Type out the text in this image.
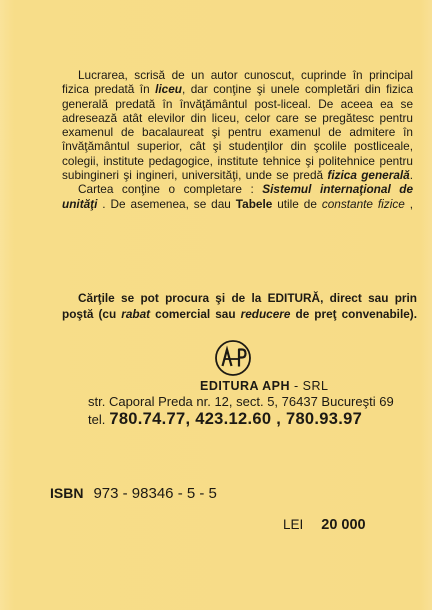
Lucrarea, scrisă de un autor cunoscut, cuprinde în principal
fizica predată în liceu, dar conţine şi unele completări din fizica
generală predată în învăţământul post-liceal. De aceea ea se
adresează atât elevilor din liceu, celor care se pregătesc pentru
examenul de bacalaureat şi pentru examenul de admitere în
învăţământul superior, cât şi studenţilor din şcolile postliceale,
colegii, institute pedagogice, institute tehnice şi politehnice pentru
subingineri şi ingineri, universităţi, unde se predă fizica generală.
Cartea conţine o completare : Sistemul internaţional de
unităţi . De asemenea, se dau Tabele utile de constante fizice ,
Cărţile se pot procura şi de la EDITURĂ, direct sau prin
poştă (cu rabat comercial sau reducere de preţ convenabile).
EDITURA APH - SRL
str. Caporal Preda nr. 12, sect. 5, 76437 Bucureşti 69
tel. 780.74.77, 423.12.60 , 780.93.97
ISBN 973 - 98346 - 5 - 5
LEI 20 000
